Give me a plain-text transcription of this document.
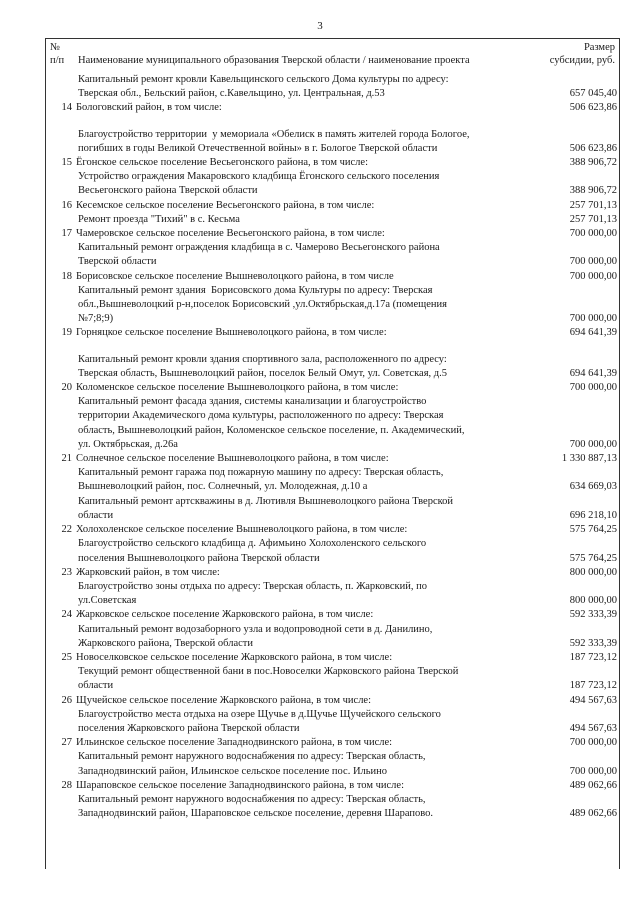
3
№
п/п	Наименование муниципального образования Тверской области / наименование проекта
Размер
субсидии, руб.
Капитальный ремонт кровли Кавельщинского сельского Дома культуры по адресу:
Тверская обл., Бельский район, с.Кавельщино, ул. Центральная, д.53	657 045,40
14 Бологовский район, в том числе:	506 623,86
Благоустройство территории  у мемориала «Обелиск в память жителей города Бологое,
погибших в годы Великой Отечественной войны» в г. Бологое Тверской области	506 623,86
15 Ёгонское сельское поселение Весьегонского района, в том числе:	388 906,72
Устройство ограждения Макаровского кладбища Ёгонского сельского поселения
Весьегонского района Тверской области	388 906,72
16 Кесемское сельское поселение Весьегонского района, в том числе:	257 701,13
Ремонт проезда "Тихий" в с. Кесьма	257 701,13
17 Чамеровское сельское поселение Весьегонского района, в том числе:	700 000,00
Капитальный ремонт ограждения кладбища в с. Чамерово Весьегонского района
Тверской области	700 000,00
18 Борисовское сельское поселение Вышневолоцкого района, в том числе	700 000,00
Капитальный ремонт здания  Борисовского дома Культуры по адресу: Тверская
обл.,Вышневолоцкий р-н,поселок Борисовский ,ул.Октябрьская,д.17а (помещения
№7;8;9)	700 000,00
19 Горняцкое сельское поселение Вышневолоцкого района, в том числе:	694 641,39
Капитальный ремонт кровли здания спортивного зала, расположенного по адресу:
Тверская область, Вышневолоцкий район, поселок Белый Омут, ул. Советская, д.5	694 641,39
20 Коломенское сельское поселение Вышневолоцкого района, в том числе:	700 000,00
Капитальный ремонт фасада здания, системы канализации и благоустройство
территории Академического дома культуры, расположенного по адресу: Тверская
область, Вышневолоцкий район, Коломенское сельское поселение, п. Академический,
ул. Октябрьская, д.26а	700 000,00
21 Солнечное сельское поселение Вышневолоцкого района, в том числе:	1 330 887,13
Капитальный ремонт гаража под пожарную машину по адресу: Тверская область,
Вышневолоцкий район, пос. Солнечный, ул. Молодежная, д.10 а	634 669,03
Капитальный ремонт артскважины в д. Лютивля Вышневолоцкого района Тверской
области	696 218,10
22 Холохоленское сельское поселение Вышневолоцкого района, в том числе:	575 764,25
Благоустройство сельского кладбища д. Афимьино Холохоленского сельского
поселения Вышневолоцкого района Тверской области	575 764,25
23 Жарковский район, в том числе:	800 000,00
Благоустройство зоны отдыха по адресу: Тверская область, п. Жарковский, по
ул.Советская	800 000,00
24 Жарковское сельское поселение Жарковского района, в том числе:	592 333,39
Капитальный ремонт водозаборного узла и водопроводной сети в д. Данилино,
Жарковского района, Тверской области	592 333,39
25 Новоселковское сельское поселение Жарковского района, в том числе:	187 723,12
Текущий ремонт общественной бани в пос.Новоселки Жарковского района Тверской
области	187 723,12
26 Щучейское сельское поселение Жарковского района, в том числе:	494 567,63
Благоустройство места отдыха на озере Щучье в д.Щучье Щучейского сельского
поселения Жарковского района Тверской области	494 567,63
27 Ильинское сельское поселение Западнодвинского района, в том числе:	700 000,00
Капитальный ремонт наружного водоснабжения по адресу: Тверская область,
Западнодвинский район, Ильинское сельское поселение пос. Ильино	700 000,00
28 Шараповское сельское поселение Западнодвинского района, в том числе:	489 062,66
Капитальный ремонт наружного водоснабжения по адресу: Тверская область,
Западнодвинский район, Шараповское сельское поселение, деревня Шарапово.	489 062,66
